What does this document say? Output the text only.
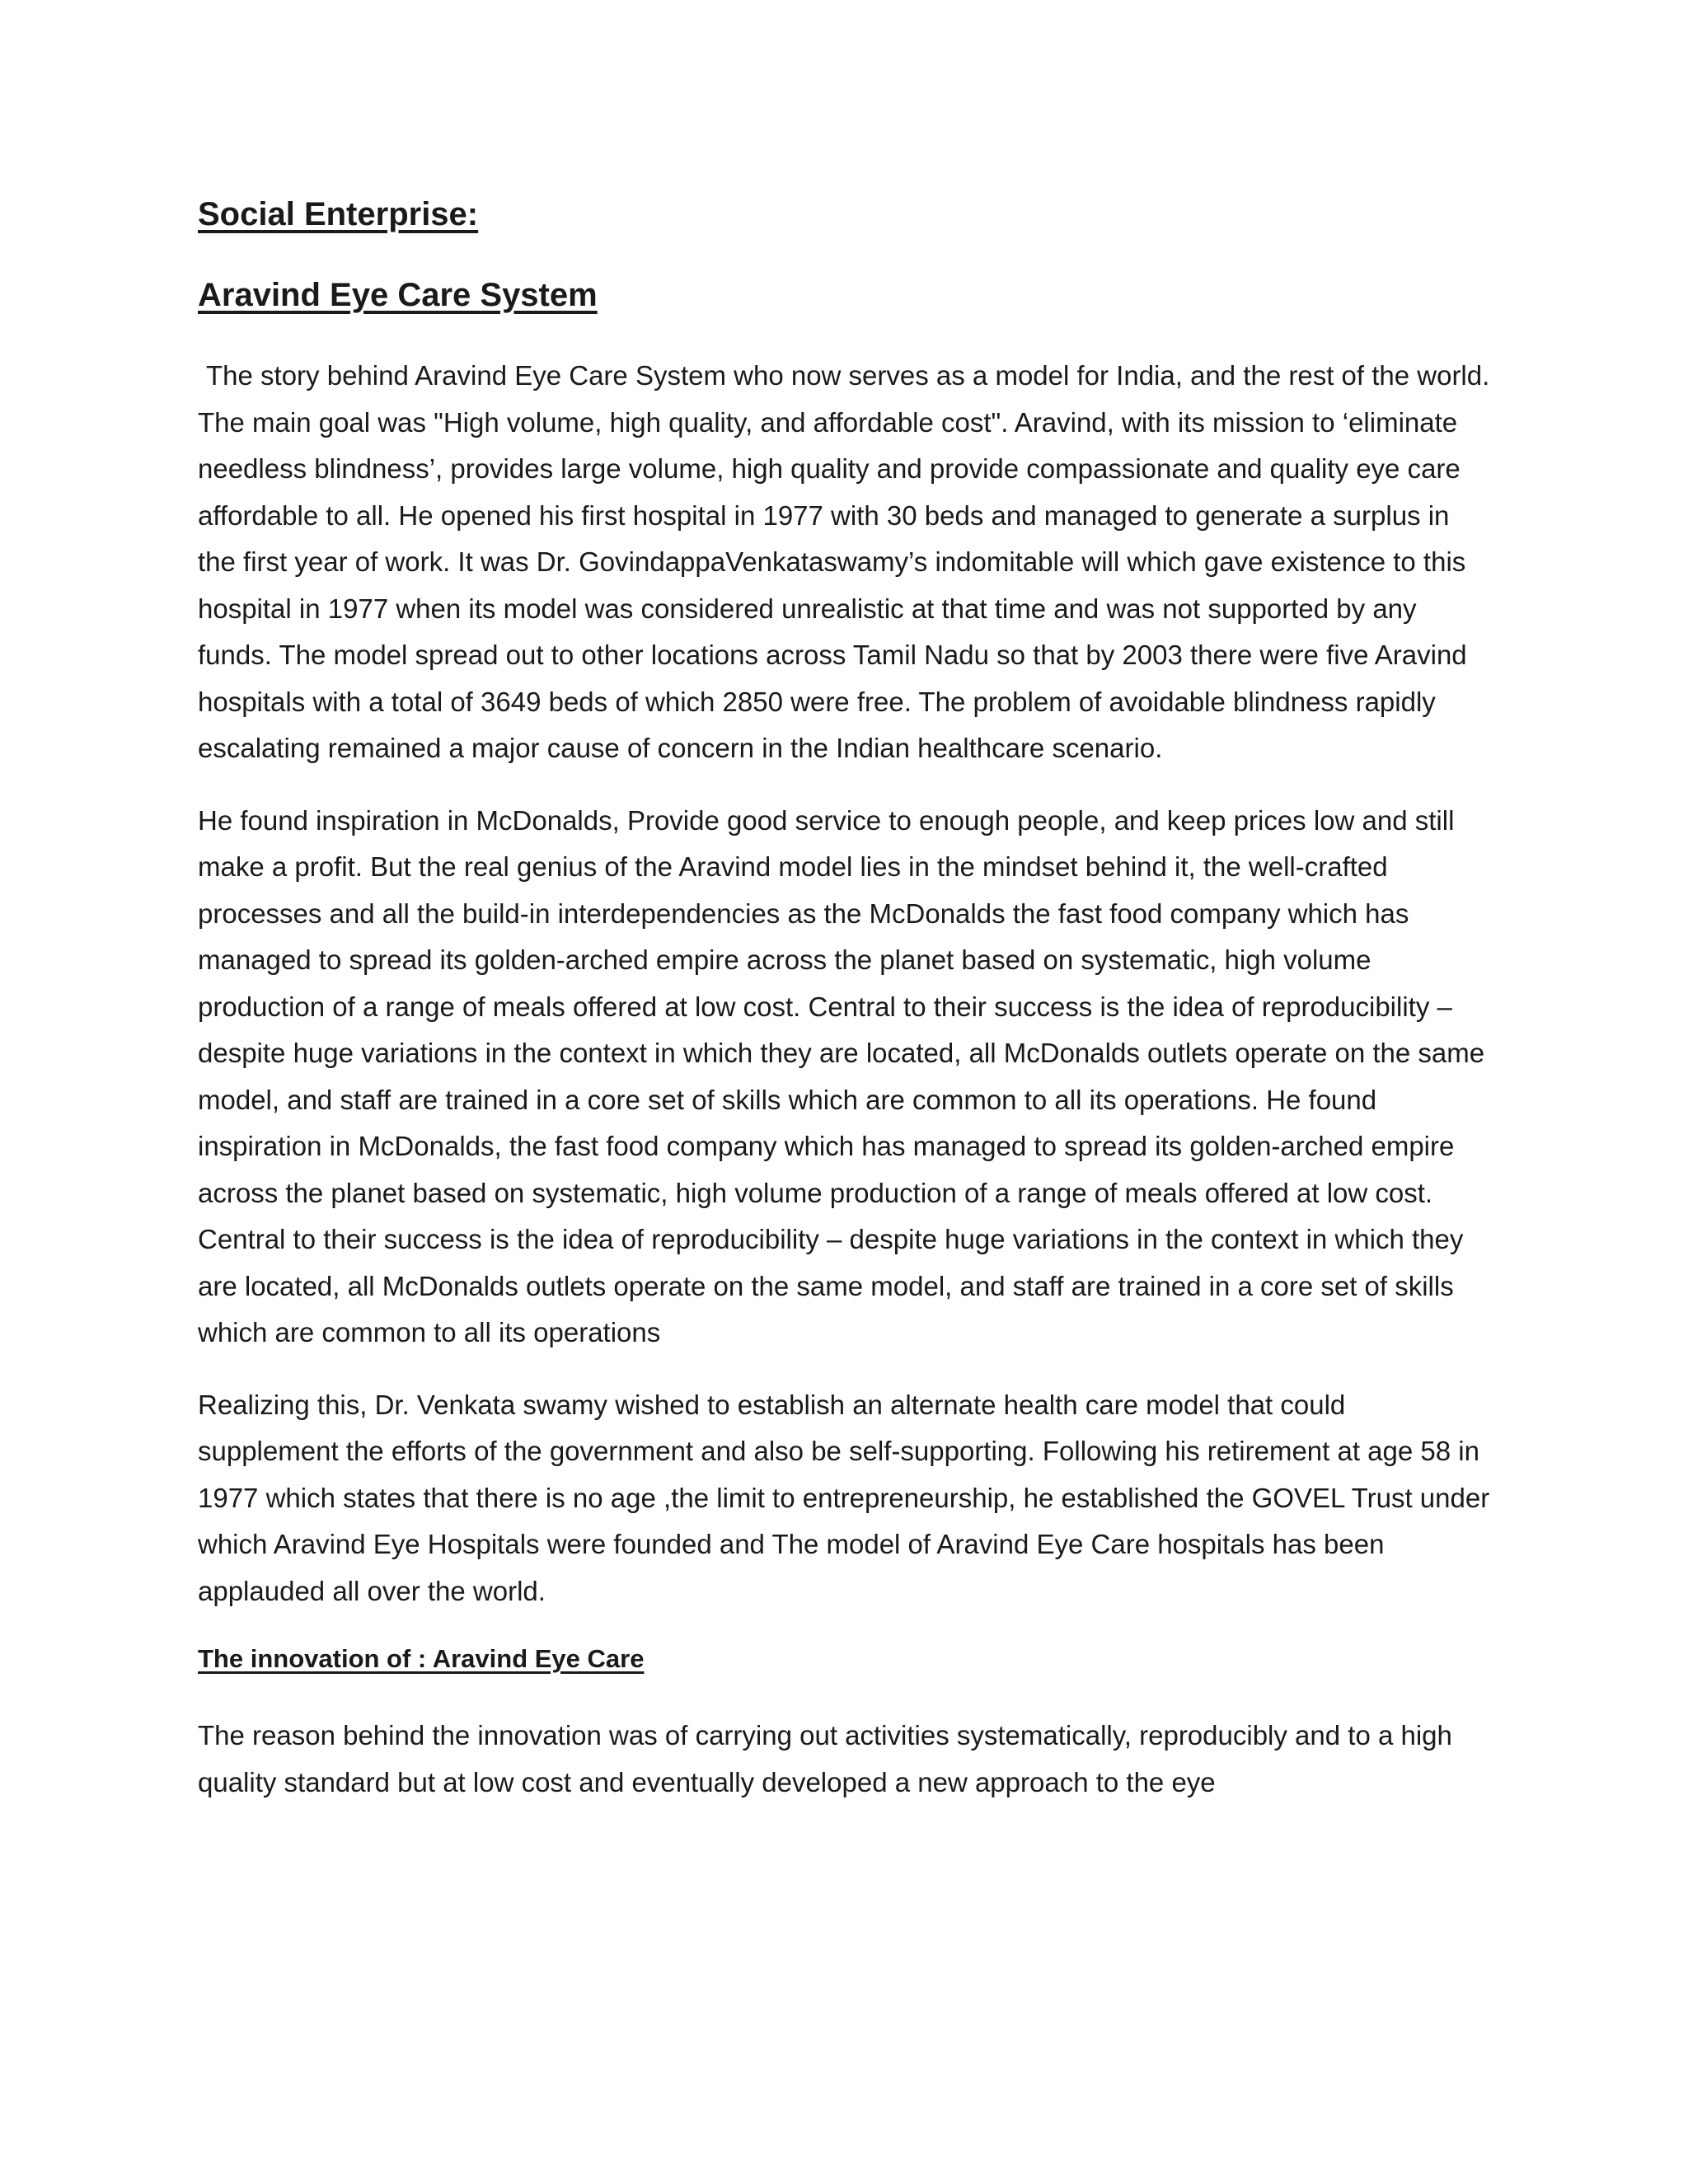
Social Enterprise:
Aravind Eye Care System

The story behind Aravind Eye Care System who now serves as a model for India, and the rest of the world. The main goal was "High volume, high quality, and affordable cost". Aravind, with its mission to ‘eliminate needless blindness’, provides large volume, high quality and provide compassionate and quality eye care affordable to all. He opened his first hospital in 1977 with 30 beds and managed to generate a surplus in the first year of work. It was Dr. GovindappaVenkataswamy’s indomitable will which gave existence to this hospital in 1977 when its model was considered unrealistic at that time and was not supported by any funds. The model spread out to other locations across Tamil Nadu so that by 2003 there were five Aravind hospitals with a total of 3649 beds of which 2850 were free. The problem of avoidable blindness rapidly escalating remained a major cause of concern in the Indian healthcare scenario.

He found inspiration in McDonalds, Provide good service to enough people, and keep prices low and still make a profit. But the real genius of the Aravind model lies in the mindset behind it, the well-crafted processes and all the build-in interdependencies as the McDonalds the fast food company which has managed to spread its golden-arched empire across the planet based on systematic, high volume production of a range of meals offered at low cost. Central to their success is the idea of reproducibility – despite huge variations in the context in which they are located, all McDonalds outlets operate on the same model, and staff are trained in a core set of skills which are common to all its operations. He found inspiration in McDonalds, the fast food company which has managed to spread its golden-arched empire across the planet based on systematic, high volume production of a range of meals offered at low cost. Central to their success is the idea of reproducibility – despite huge variations in the context in which they are located, all McDonalds outlets operate on the same model, and staff are trained in a core set of skills which are common to all its operations

Realizing this, Dr. Venkata swamy wished to establish an alternate health care model that could supplement the efforts of the government and also be self-supporting. Following his retirement at age 58 in 1977 which states that there is no age ,the limit to entrepreneurship, he established the GOVEL Trust under which Aravind Eye Hospitals were founded and The model of Aravind Eye Care hospitals has been applauded all over the world.

The innovation of : Aravind Eye Care

The reason behind the innovation was of carrying out activities systematically, reproducibly and to a high quality standard but at low cost and eventually developed a new approach to the eye
